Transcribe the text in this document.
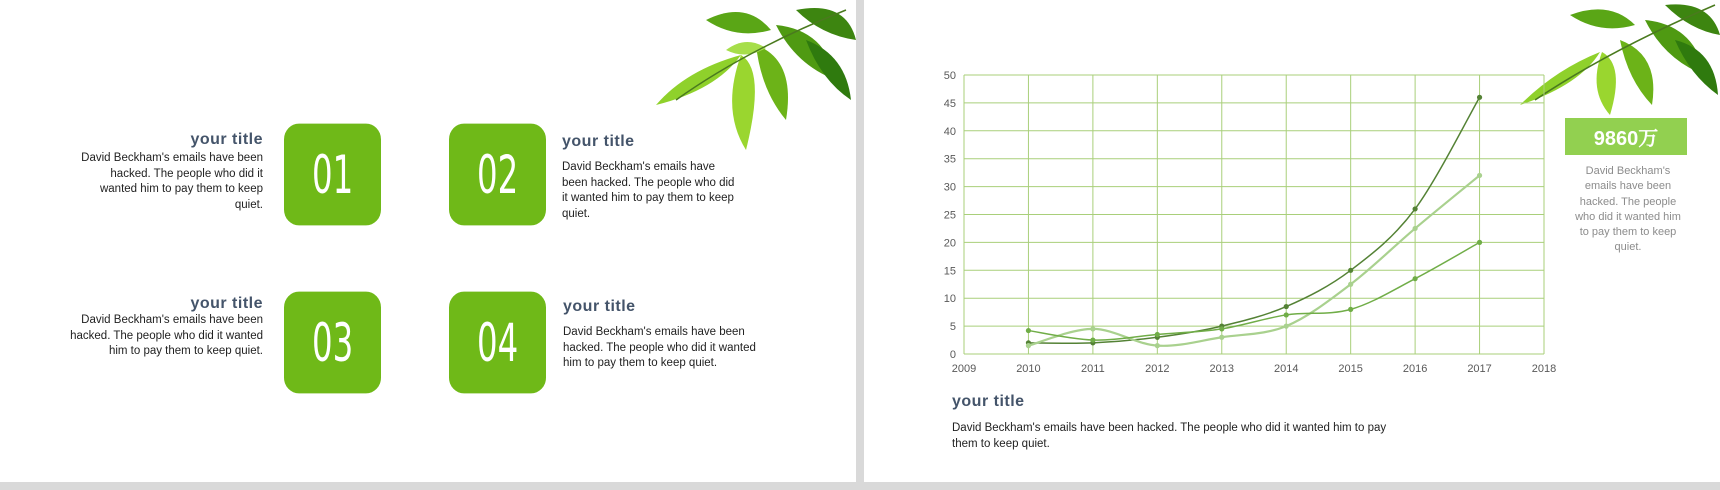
your title
David Beckham's emails have been hacked. The people who did it wanted him to pay them to keep quiet. 01 02
your title
David Beckham's emails have been hacked. The people who did it wanted him to pay them to keep quiet.
your title
David Beckham's emails have been hacked. The people who did it wanted him to pay them to keep quiet. 03 04
your title
David Beckham's emails have been hacked. The people who did it wanted him to pay them to keep quiet.
0
5
10
15
20
25
30
35
40
45
50
2009	2010	2011	2012	2013	2014	2015	2016	2017	2018
9860万
David Beckham's emails have been hacked. The people who did it wanted him to pay them to keep quiet.
your title
David Beckham's emails have been hacked. The people who did it wanted him to pay them to keep quiet.
